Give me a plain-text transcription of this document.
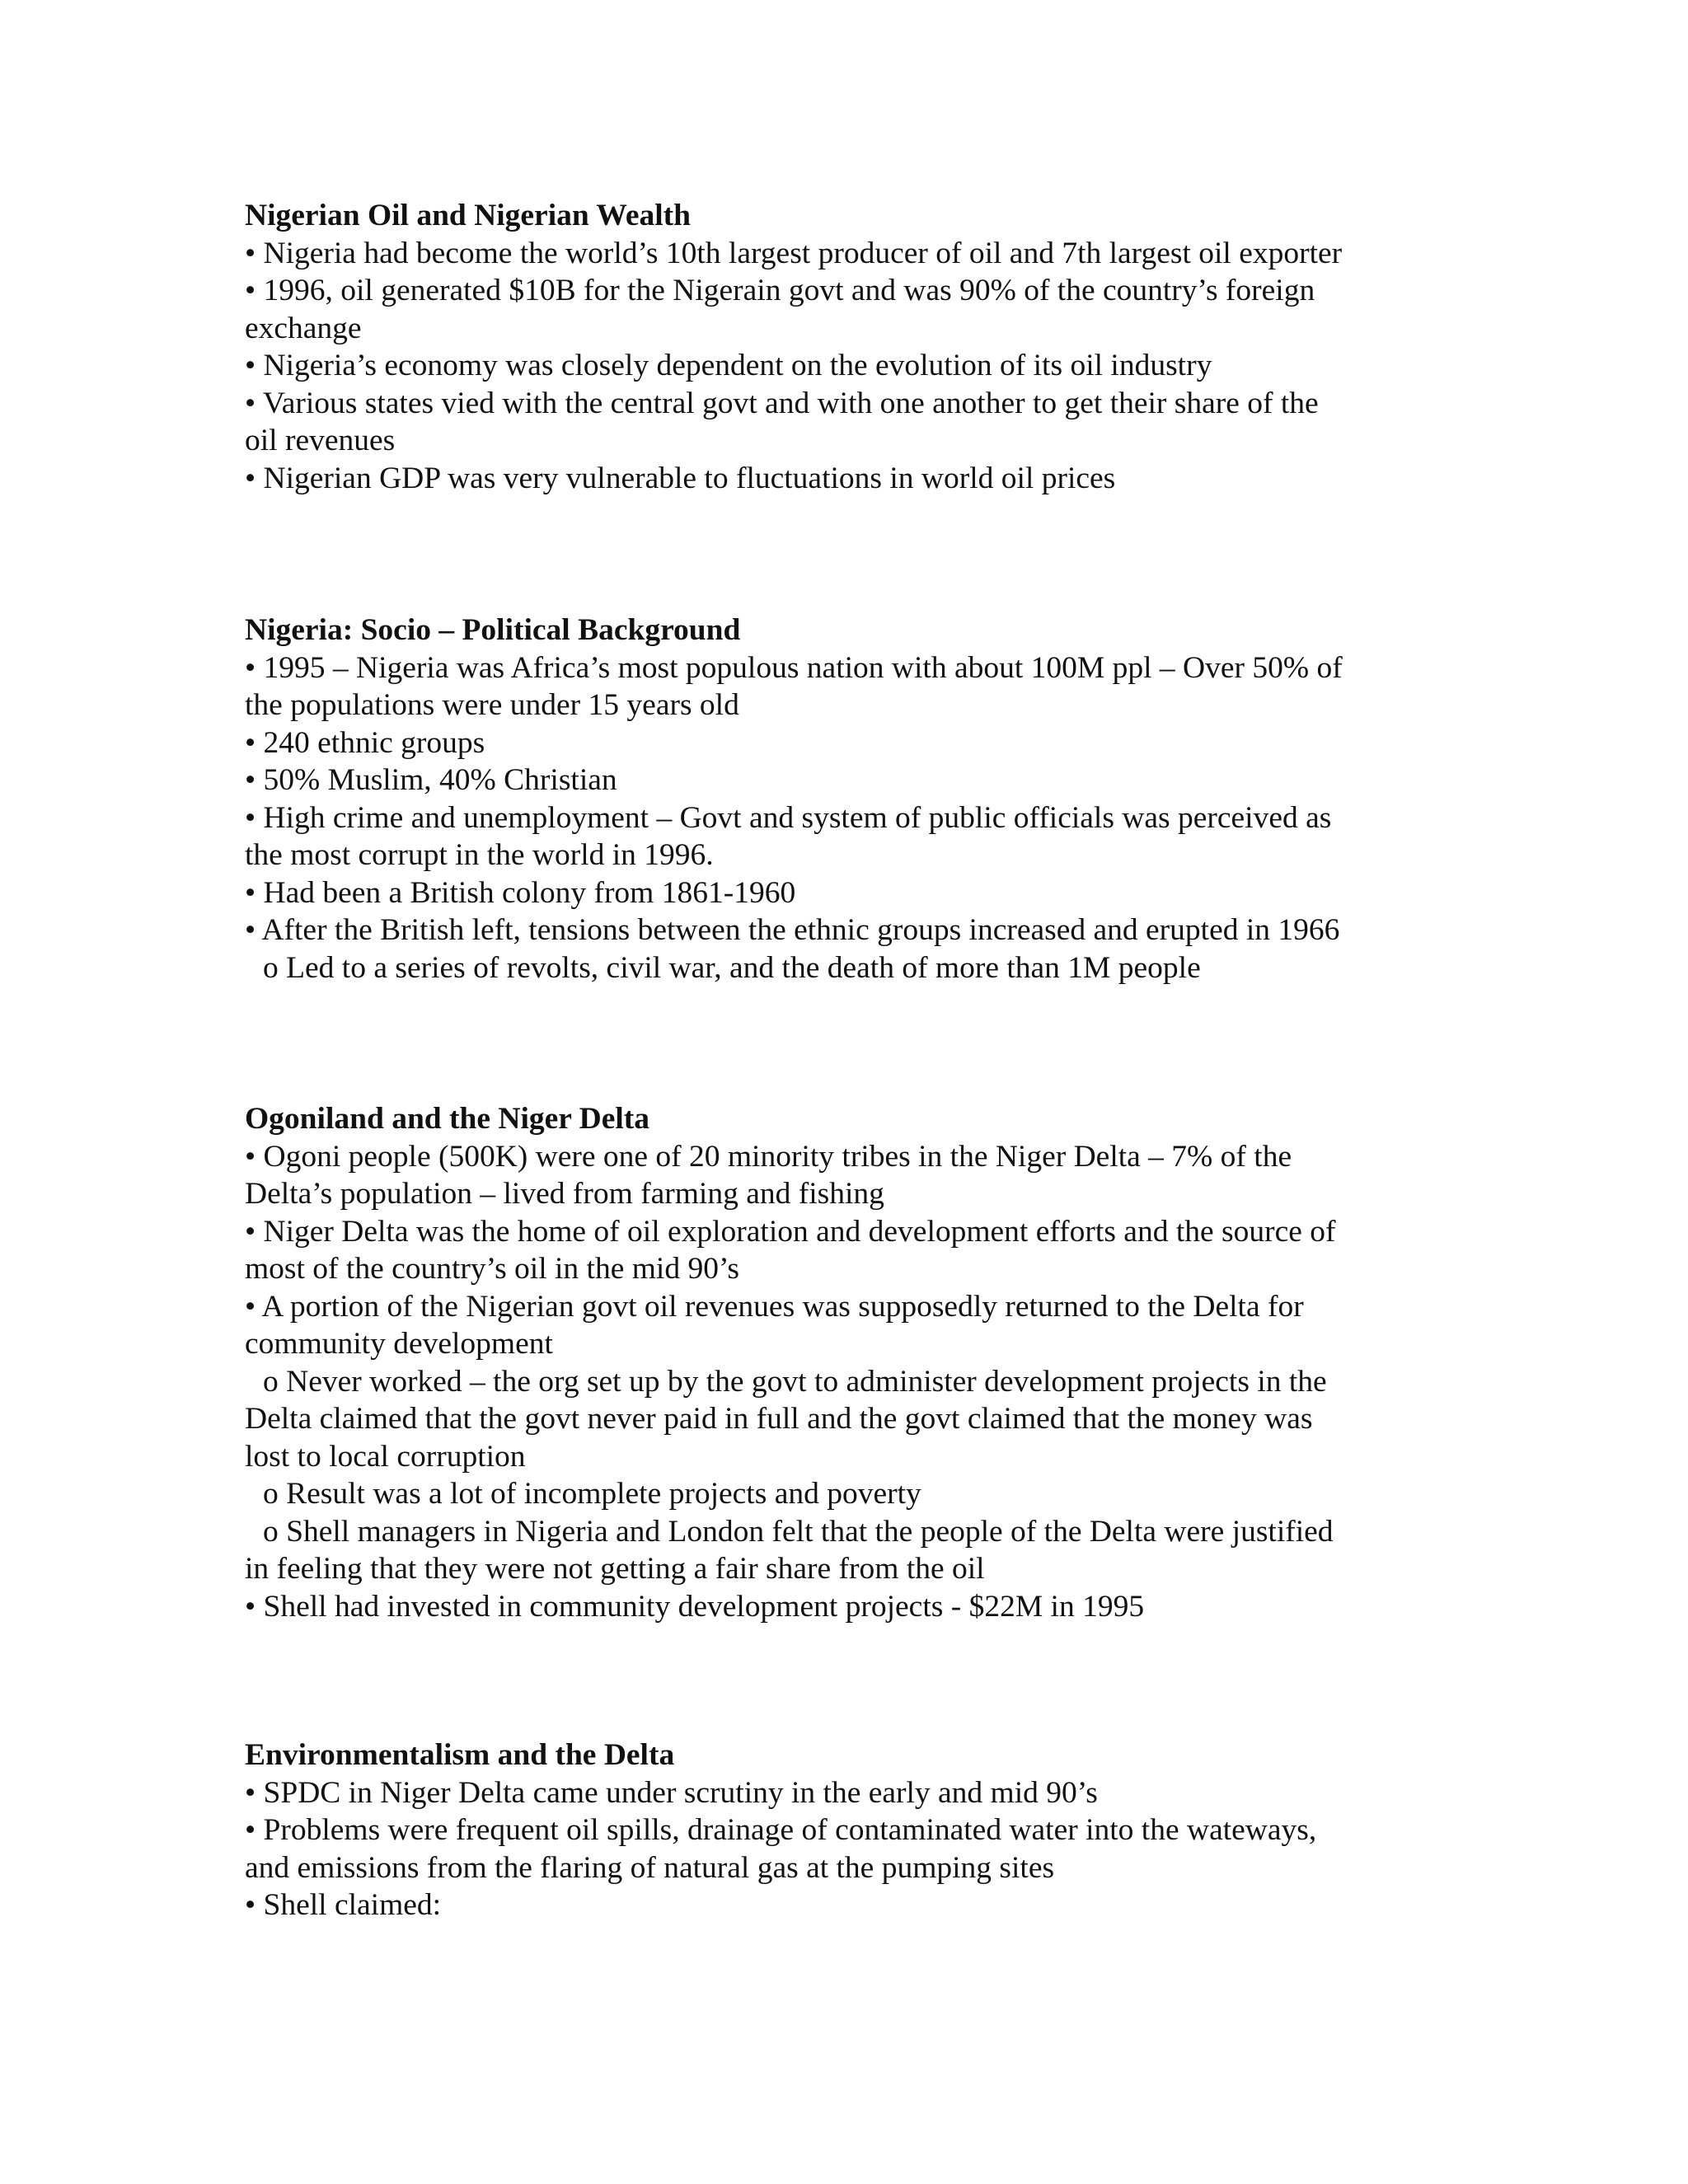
Nigerian Oil and Nigerian Wealth
• Nigeria had become the world’s 10th largest producer of oil and 7th largest oil exporter
• 1996, oil generated $10B for the Nigerain govt and was 90% of the country’s foreign
exchange
• Nigeria’s economy was closely dependent on the evolution of its oil industry
• Various states vied with the central govt and with one another to get their share of the
oil revenues
• Nigerian GDP was very vulnerable to fluctuations in world oil prices
Nigeria: Socio – Political Background
• 1995 – Nigeria was Africa’s most populous nation with about 100M ppl – Over 50% of
the populations were under 15 years old
• 240 ethnic groups
• 50% Muslim, 40% Christian
• High crime and unemployment – Govt and system of public officials was perceived as
the most corrupt in the world in 1996.
• Had been a British colony from 1861-1960
• After the British left, tensions between the ethnic groups increased and erupted in 1966
o Led to a series of revolts, civil war, and the death of more than 1M people
Ogoniland and the Niger Delta
• Ogoni people (500K) were one of 20 minority tribes in the Niger Delta – 7% of the
Delta’s population – lived from farming and fishing
• Niger Delta was the home of oil exploration and development efforts and the source of
most of the country’s oil in the mid 90’s
• A portion of the Nigerian govt oil revenues was supposedly returned to the Delta for
community development
o Never worked – the org set up by the govt to administer development projects in the
Delta claimed that the govt never paid in full and the govt claimed that the money was
lost to local corruption
o Result was a lot of incomplete projects and poverty
o Shell managers in Nigeria and London felt that the people of the Delta were justified
in feeling that they were not getting a fair share from the oil
• Shell had invested in community development projects - $22M in 1995
Environmentalism and the Delta
• SPDC in Niger Delta came under scrutiny in the early and mid 90’s
• Problems were frequent oil spills, drainage of contaminated water into the wateways,
and emissions from the flaring of natural gas at the pumping sites
• Shell claimed:
